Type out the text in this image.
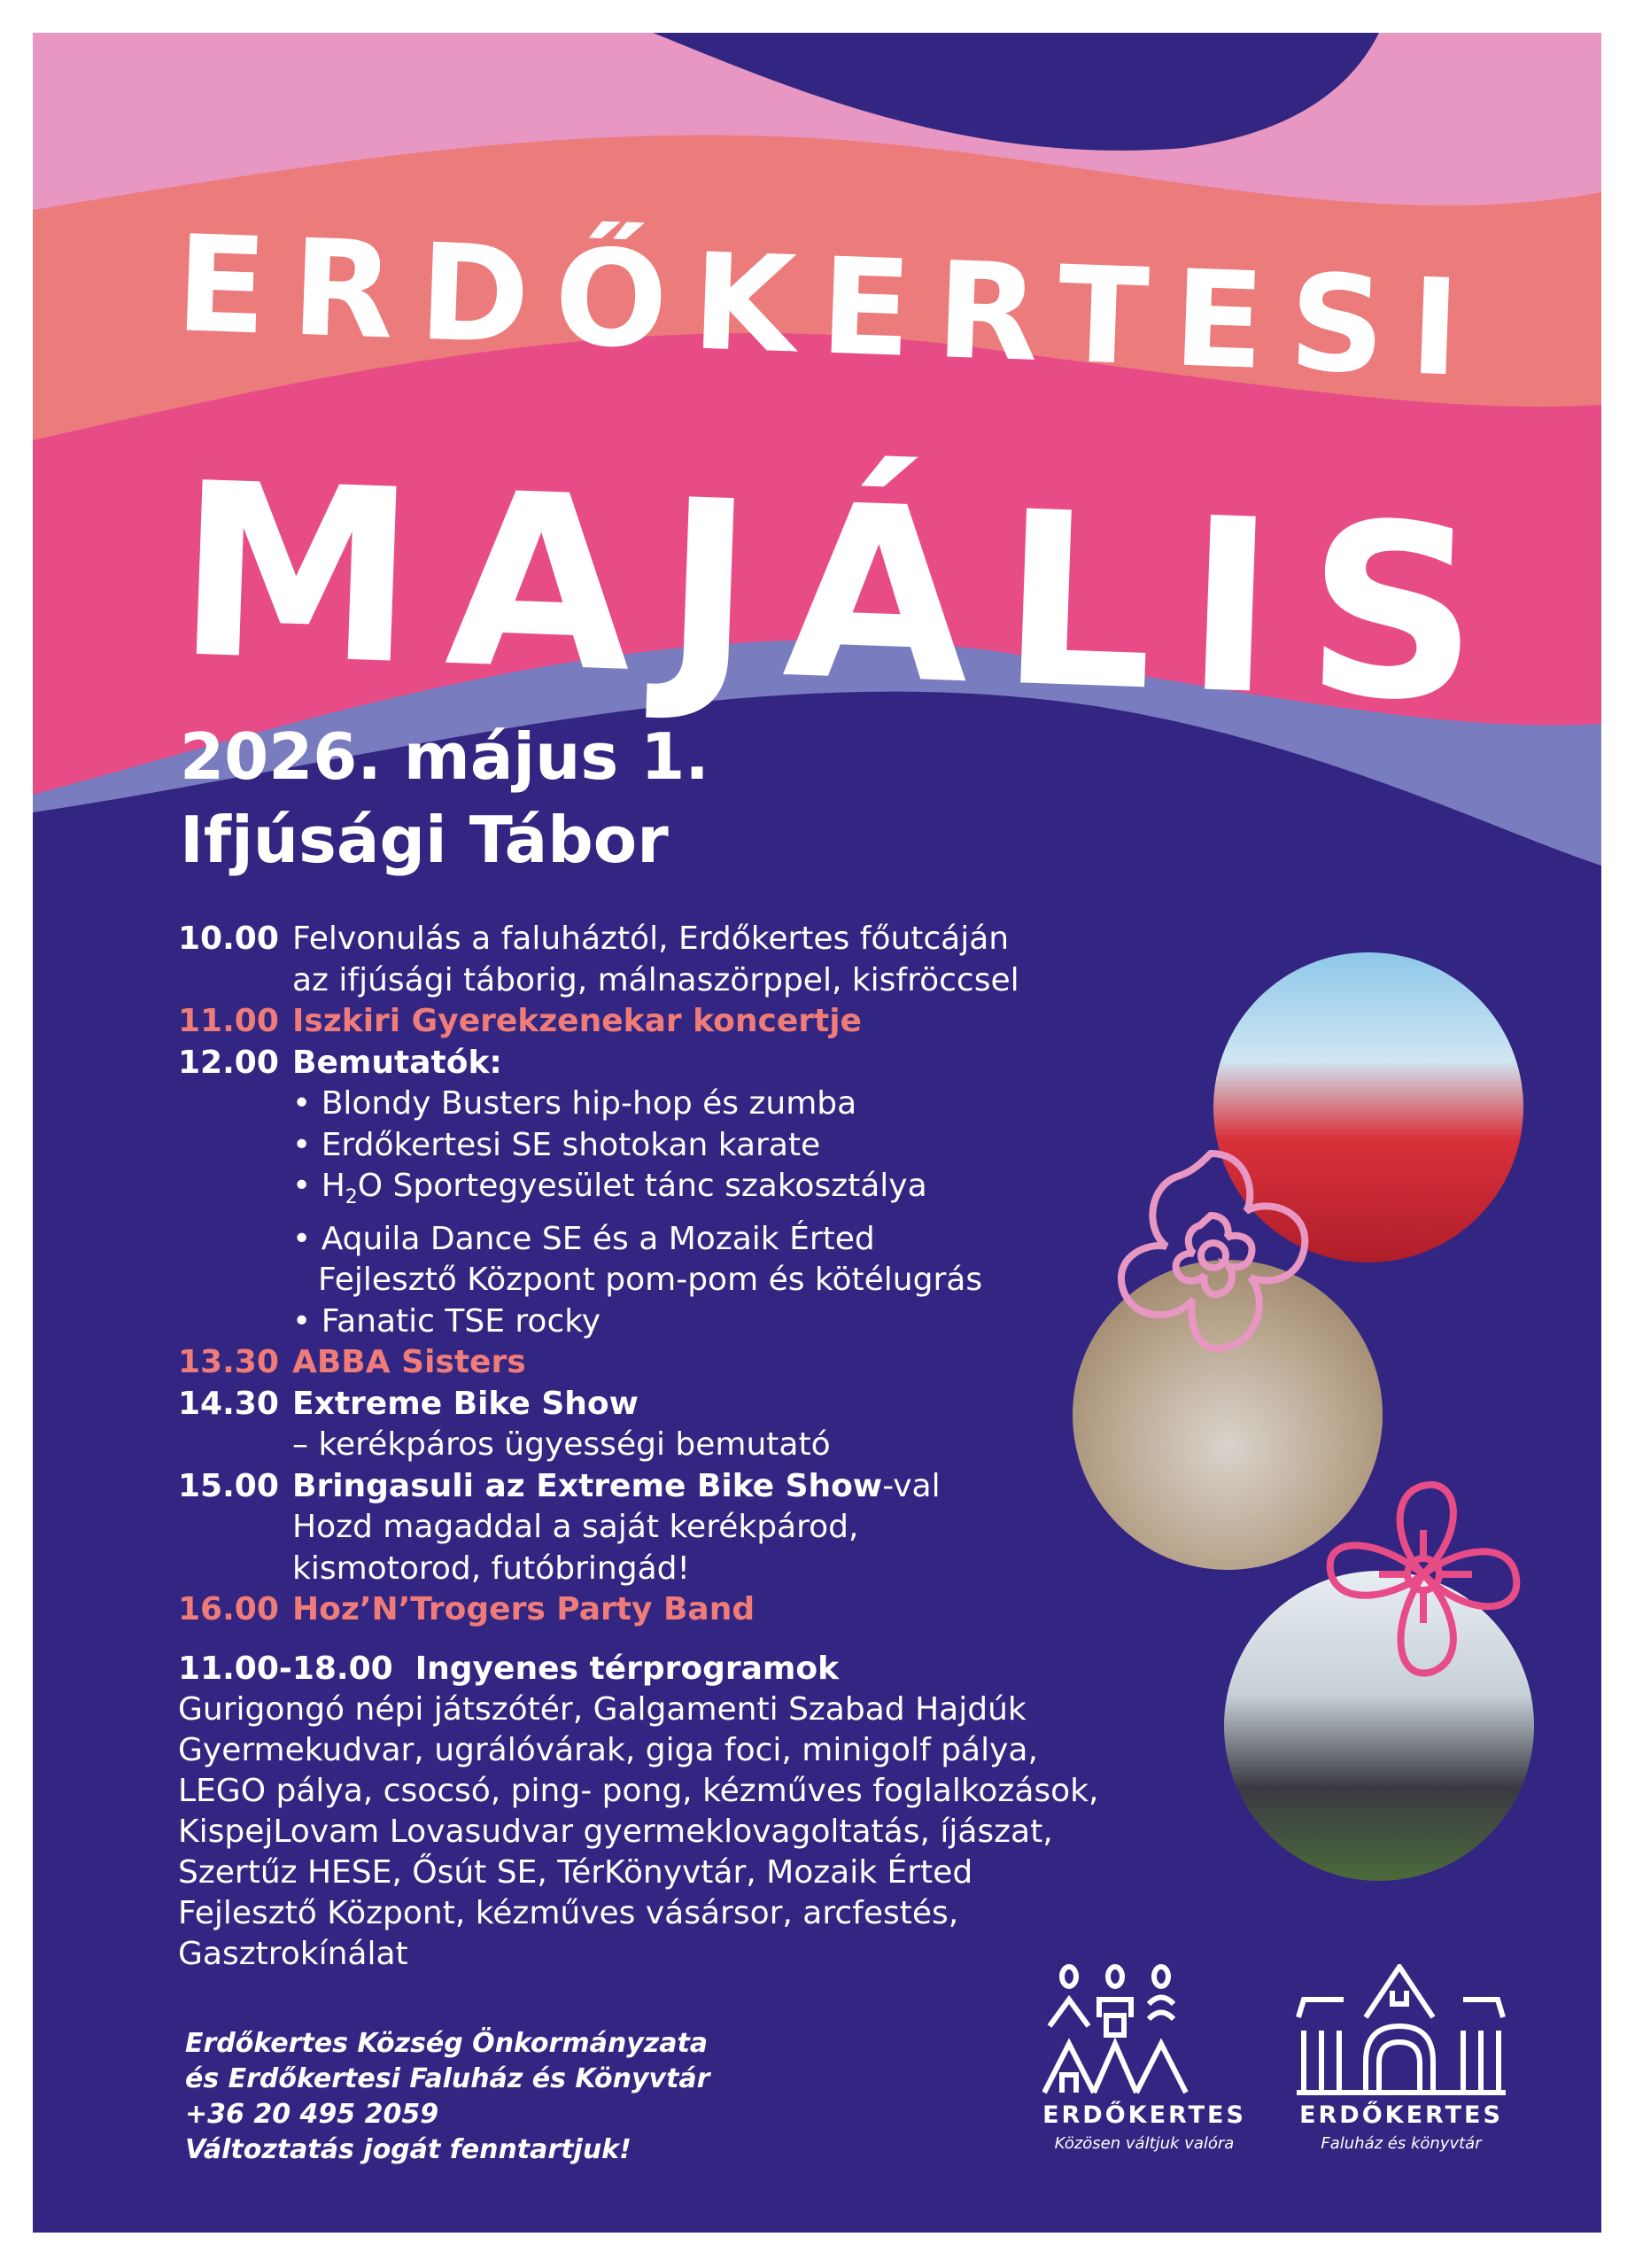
ERDŐKERTESI
MAJÁLIS
2026. május 1.
Ifjúsági Tábor
10.00 Felvonulás a faluháztól, Erdőkertes főutcáján
az ifjúsági táborig, málnaszörppel, kisfröccsel
11.00 Iszkiri Gyerekzenekar koncertje
12.00 Bemutatók:
• Blondy Busters hip-hop és zumba
• Erdőkertesi SE shotokan karate
• $H_2O$ Sportegyesület tánc szakosztálya
• Aquila Dance SE és a Mozaik Érted
Fejlesztő Központ pom-pom és kötélugrás
• Fanatic TSE rocky
13.30 ABBA Sisters
14.30 Extreme Bike Show
– kerékpáros ügyességi bemutató
15.00 Bringasuli az Extreme Bike Show -val
Hozd magaddal a saját kerékpárod,
kismotorod, futóbringád!
16.00 Hoz’N’Trogers Party Band
11.00-18.00 Ingyenes térprogramok
Gurigongó népi játszótér, Galgamenti Szabad Hajdúk
Gyermekudvar, ugrálóvárak, giga foci, minigolf pálya,
LEGO pálya, csocsó, ping- pong, kézműves foglalkozások,
KispejLovam Lovasudvar gyermeklovagoltatás, íjászat,
Szertűz HESE, Ősút SE, TérKönyvtár, Mozaik Érted
Fejlesztő Központ, kézműves vásársor, arcfestés,
Gasztrokínálat
Erdőkertes Község Önkormányzata
és Erdőkertesi Faluház és Könyvtár
+36 20 495 2059
Változtatás jogát fenntartjuk!
ERDŐKERTES
Közösen váltjuk valóra
ERDŐKERTES
Faluház és könyvtár
